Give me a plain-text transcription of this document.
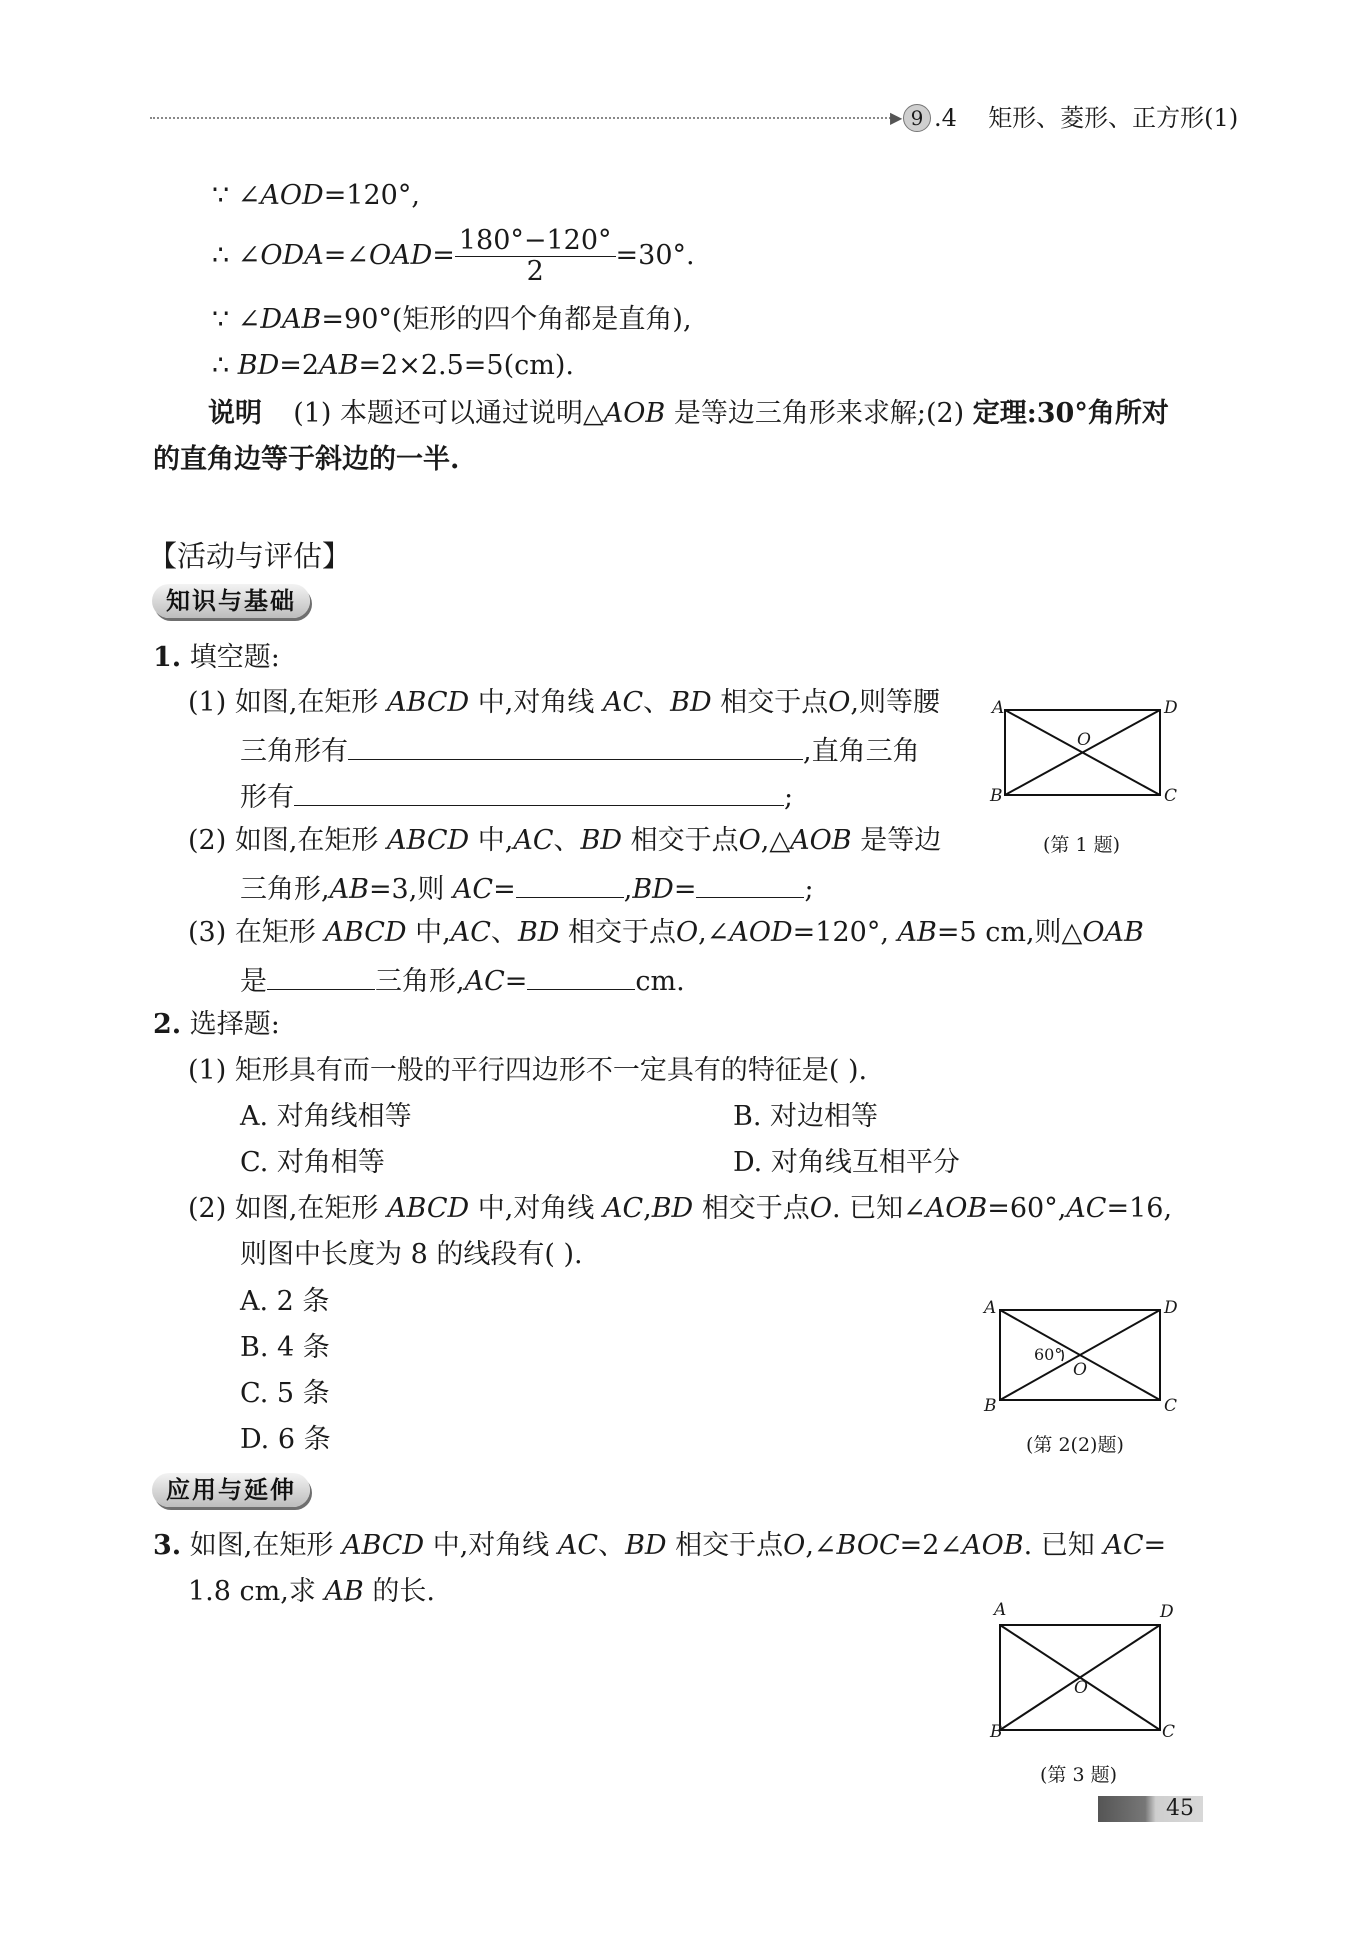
▶ 9 .4 矩形、菱形、正方形(1)
∵ ∠AOD=120°,
∴ ∠ODA=∠OAD= $\frac{180^\circ-120^\circ}{2} =30^\circ$.
∵ ∠DAB=90°(矩形的四个角都是直角),
∴ BD=2AB=2×2.5=5(cm).
说明 (1) 本题还可以通过说明△AOB 是等边三角形来求解;(2) 定理:30°角所对
的直角边等于斜边的一半.
【活动与评估】
知识与基础
1. 填空题:
(1) 如图,在矩形 ABCD 中,对角线 AC、BD 相交于点O,则等腰
三角形有	,直角三角
形有	;
(2) 如图,在矩形 ABCD 中,AC、BD 相交于点O,△AOB 是等边
三角形,AB=3,则 AC=	,BD=	;
(3) 在矩形 ABCD 中,AC、BD 相交于点O,∠AOD=120°, AB=5 cm,则△OAB
是	三角形,AC=	cm.
A	D
B	C
O
(第 1 题)
2. 选择题:
(1) 矩形具有而一般的平行四边形不一定具有的特征是( ).
A. 对角线相等	B. 对边相等
C. 对角相等	D. 对角线互相平分
(2) 如图,在矩形 ABCD 中,对角线 AC,BD 相交于点O. 已知∠AOB=60°,AC=16,
则图中长度为 8 的线段有( ).
A. 2 条
B. 4 条
C. 5 条
D. 6 条
A	D
B	C
O
60°
(第 2(2)题)
应用与延伸
3. 如图,在矩形 ABCD 中,对角线 AC、BD 相交于点O,∠BOC=2∠AOB. 已知 AC=
1.8 cm,求 AB 的长.
A	D
B	C
O
(第 3 题)
45
